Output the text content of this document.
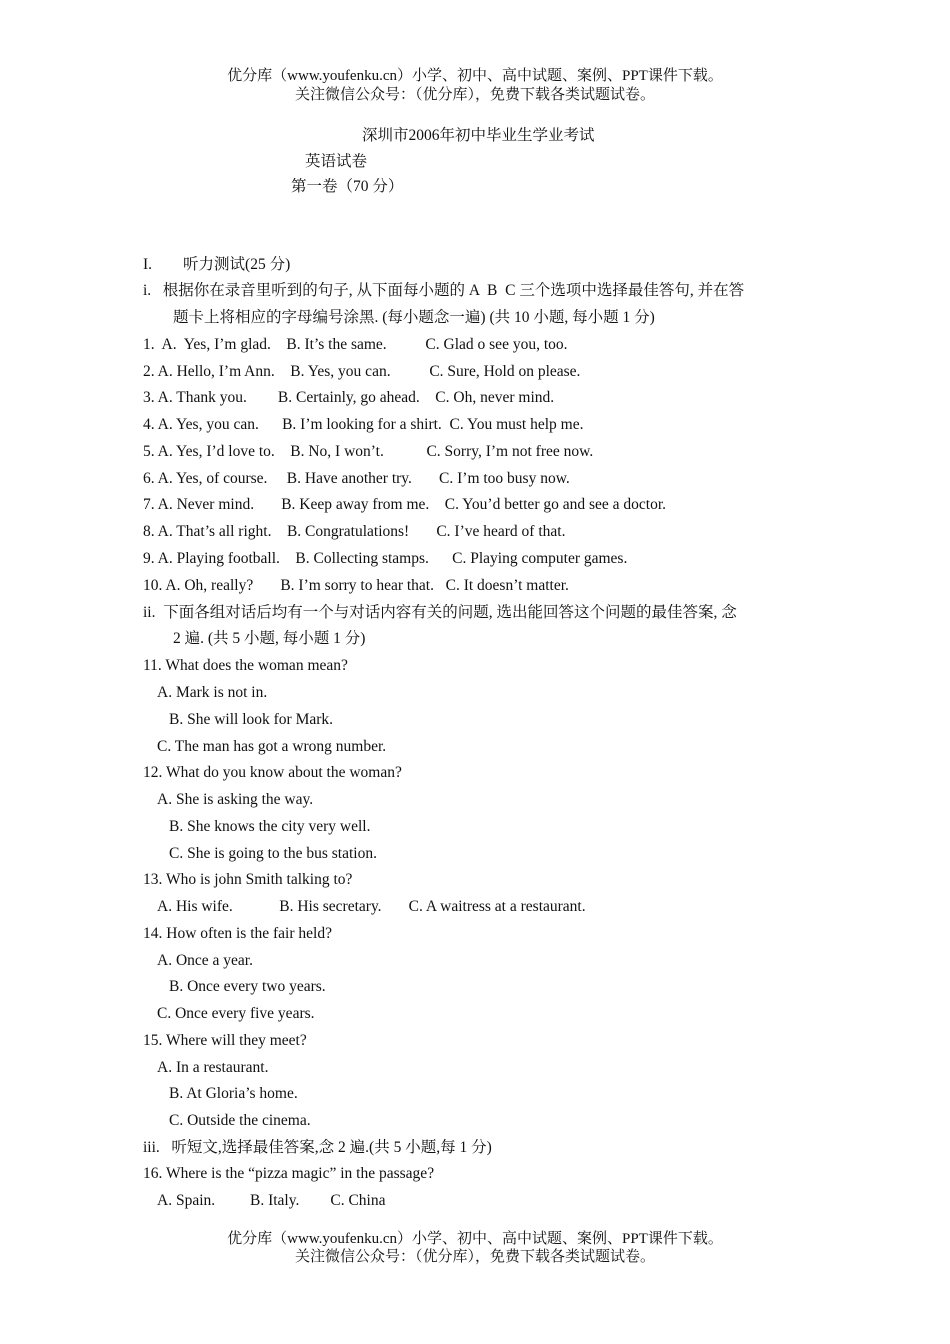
优分库（www.youfenku.cn）小学、初中、高中试题、案例、PPT课件下载。
关注微信公众号：（优分库），免费下载各类试题试卷。
深圳市2006年初中毕业生学业考试
英语试卷
第一卷（70 分）
I.        听力测试(25 分)
i.   根据你在录音里听到的句子, 从下面每小题的 A  B  C 三个选项中选择最佳答句, 并在答
题卡上将相应的字母编号涂黑. (每小题念一遍) (共 10 小题, 每小题 1 分)
1.  A.  Yes, I’m glad.    B. It’s the same.          C. Glad o see you, too.
2. A. Hello, I’m Ann.    B. Yes, you can.          C. Sure, Hold on please.
3. A. Thank you.        B. Certainly, go ahead.    C. Oh, never mind.
4. A. Yes, you can.      B. I’m looking for a shirt.  C. You must help me.
5. A. Yes, I’d love to.    B. No, I won’t.           C. Sorry, I’m not free now.
6. A. Yes, of course.     B. Have another try.       C. I’m too busy now.
7. A. Never mind.       B. Keep away from me.    C. You’d better go and see a doctor.
8. A. That’s all right.    B. Congratulations!       C. I’ve heard of that.
9. A. Playing football.    B. Collecting stamps.      C. Playing computer games.
10. A. Oh, really?       B. I’m sorry to hear that.   C. It doesn’t matter.
ii.  下面各组对话后均有一个与对话内容有关的问题, 选出能回答这个问题的最佳答案, 念
2 遍. (共 5 小题, 每小题 1 分)
11. What does the woman mean?
A. Mark is not in.
B. She will look for Mark.
C. The man has got a wrong number.
12. What do you know about the woman?
A. She is asking the way.
B. She knows the city very well.
C. She is going to the bus station.
13. Who is john Smith talking to?
A. His wife.            B. His secretary.       C. A waitress at a restaurant.
14. How often is the fair held?
A. Once a year.
B. Once every two years.
C. Once every five years.
15. Where will they meet?
A. In a restaurant.
B. At Gloria’s home.
C. Outside the cinema.
iii.   听短文,选择最佳答案,念 2 遍.(共 5 小题,每 1 分)
16. Where is the “pizza magic” in the passage?
A. Spain.         B. Italy.        C. China
优分库（www.youfenku.cn）小学、初中、高中试题、案例、PPT课件下载。
关注微信公众号：（优分库），免费下载各类试题试卷。
